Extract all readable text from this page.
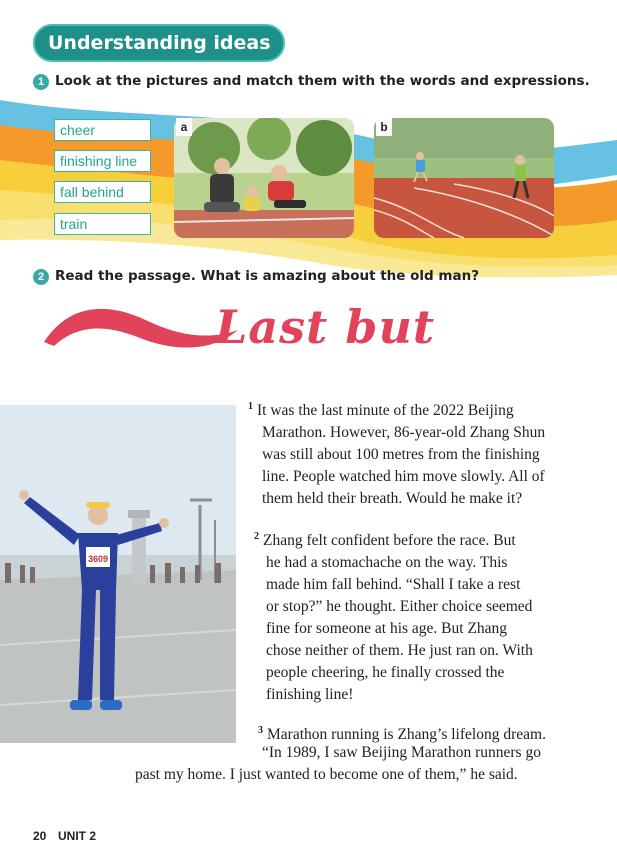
Understanding ideas
1 Look at the pictures and match them with the words and expressions.
cheer
finishing line
fall behind
train
a	b
2 Read the passage. What is amazing about the old man?
Last but
3609
$^1$ It was the last minute of the 2022 Beijing
Marathon. However, 86-year-old Zhang Shun
was still about 100 metres from the finishing
line. People watched him move slowly. All of
them held their breath. Would he make it?
$^2$ Zhang felt confident before the race. But
he had a stomachache on the way. This
made him fall behind. “Shall I take a rest
or stop?” he thought. Either choice seemed
fine for someone at his age. But Zhang
chose neither of them. He just ran on. With
people cheering, he finally crossed the
finishing line!
$^3$ Marathon running is Zhang’s lifelong dream.
“In 1989, I saw Beijing Marathon runners go
past my home. I just wanted to become one of them,” he said.
20 UNIT 2
